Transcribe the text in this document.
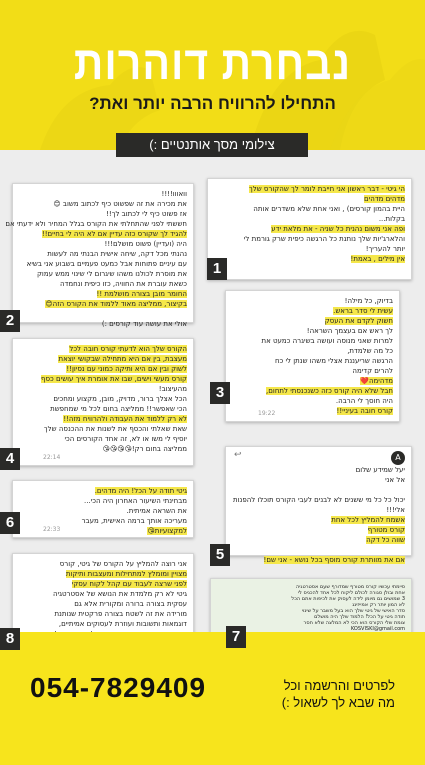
נבחרת דוהרות
התחילו להרוויח הרבה יותר ואת?
צילומי מסך אותנטיים :)
הי גיטי - דבר ראשון אני חייבת לומר לך שהקורס שלך
מדהים מדהים
היית בהמון קורסים) , ואני אחת שלא משדרים אותה
בקלות...
ופה אני משום נהנית כל שניה - את מלאת ידע
והלארג'יות שלך נותנת כל הרגשה כיפית שרק גורמת לי
יותר להעריך!
אין מילים , באמת!
1
וואווו!!!!
את מכירה את זה שפשוט כיף לכתוב משוב 😊
אז פשוט כיף לי לכתוב לך!!
חששתי לפני שהתחלתי את הקורס בגלל המחיר ולא ידעתי אם
להגיד לך שקורס כזה עדיין אם לא היה לי בחיים!!
היה (ועדיין) פשוט מושלם!!!
נהנתי מכל דקה, שיחה אישית הבנתי מה לעשות
עם עיניים פתוחות אבל כמעט פעמיים בשבוע אני בשיא
את מוסרת לכולנו משהו שיגרום לי שינוי ממש עמוק
כשאת עוברת את החוויה, כזו כיפית ונחמדה
החומר מובן בצורה מושלמת !!
בקיצור, ממליצה מאוד ללמוד את הקורס הזה😊

אולי את עושה עוד קורסים :)
2
בדיוק, כל מילה!
עשית לי סדר בראש.
חשוק לקדם את העסק
לך ראש אם בעצמך השראה!
למרות שאני מנוסה ועושה בשיגרה כמעט את
כל מה שלמדת,
הרגשה שריעננת אצלי משהו שנתן לי כח
להרים קדימה
מדהימה❤️
חבל שלא היה קורס כזה כשנכנסתי לתחום,
היה חוסך לי הרבה.
קורס חובה בעיניי!!
19:22
3
הקורס שלך הוא לדעתי קורס חובה לכל
מעצבת, בין אם היא מתחילה שבקושי יוצאת
לשוק ובין אם היא ותיקה כמוני עם נסיון!!
קורס מעשי וישים, שבו את אומרת איך עושים כסף
מהעיצוב!
הכל אצלך ברור, מדויק, מובן, מקצוע ומחכים
הכי שאפשר!! ממליצה בחום לכל מי שמחפשת
לא רק ללמוד את העבודה ולהרוויח מזה!!
שאת שאלתי והכסף את לשנות את ההכנסה שלך
יוסיף לי משו או לא, זה אחד הקורסים הכי
ממליצה בחום רק!😘😘😘😘
22:14
4	A
↩
יעל שמידע שלום
אל אני

יכול כל כל מי ששנים לא לבנים לעבי הקורס תוכלו להפנות
אלי!!!
אשמח להמליץ לכל אחת
קורס מטורף
שווה כל דקה

אם את מוותרת קורס מוסף בכל נושא - אני שם!
5
גיטי תודה על הכל! היה מדהים.
מבחינתי השיעור האחרון היה הכי...
את השראה אמיתית.
מעריכה אותך ברמה האישית, מעבר
למקצועיות😘
22:33
6
סיימתי עכשיו קורס מטורף שמדורף שעם אסטרטגיה
אחת ובולן סגורה לכולם ליקוח לכל אחד להכניס לי
3 שמושים גם מיומן לידה לעסוק את לכיפות אתם הכל
לא המון יותר רק אמייזינג
סדר האישי של גיטי שלך הוא בעל משבר על שינוי
תודה גיטי על הכל! הלמוד שלך היה מושלם
צומת שלי הקורס הוא הכי לא המלצה שלא חסר
KOSVISKI@gmail.com
7
אני רוצה להמליץ על הקורס של גיטי, קורס
מצויין ומומלץ למתחילות ומעצבות ותיקות
לפני שרצה לעבוד עם קהל לקוח עסקי
גיטי לא רק מלמדת את הנושא של אסטרטגיה
עסקית בצורה ברורה ומקורית אלא גם
מורידה את זה לשטח בצורה פרקטית שנותנת
דוגמאות ותשובות ועוזרת לעסוקים אמיתיים,
8
054-7829409	לפרטים והרשמה וכל
מה שבא לך לשאול :)
